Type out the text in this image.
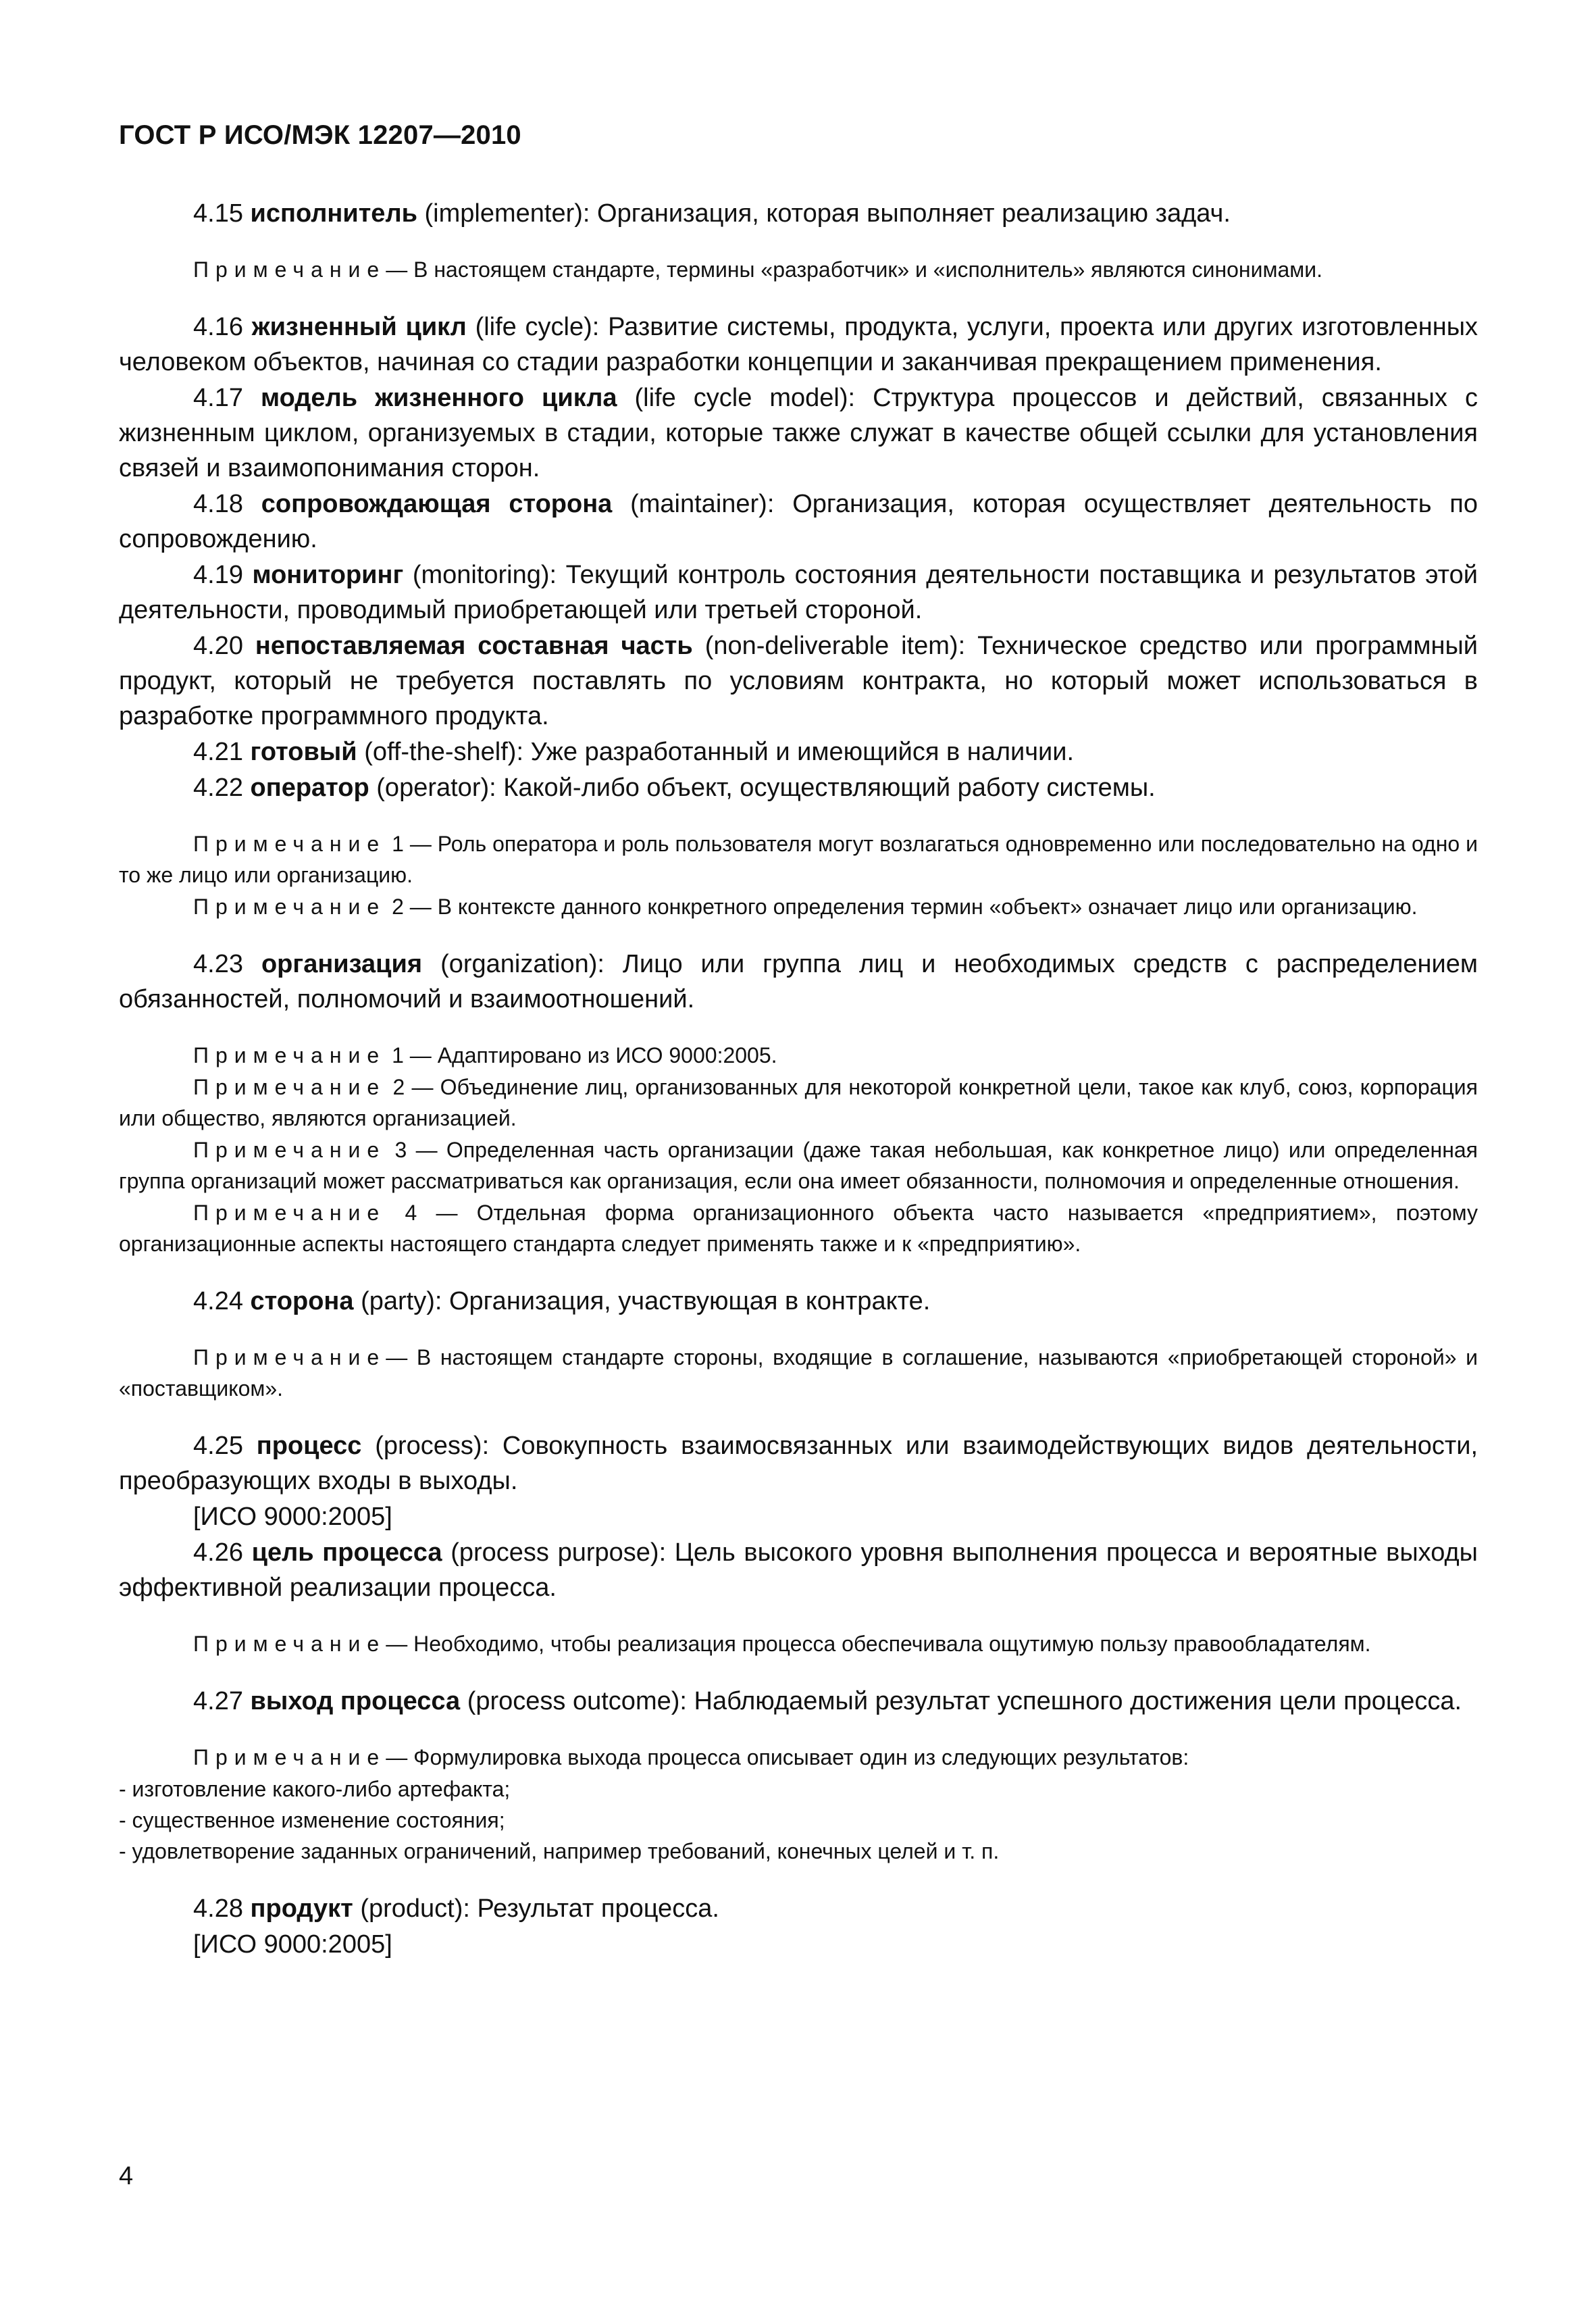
ГОСТ Р ИСО/МЭК 12207—2010

4.15 исполнитель (implementer): Организация, которая выполняет реализацию задач.

Примечание— В настоящем стандарте, термины «разработчик» и «исполнитель» являются синонимами.

4.16 жизненный цикл (life cycle): Развитие системы, продукта, услуги, проекта или других изготовленных человеком объектов, начиная со стадии разработки концепции и заканчивая прекращением применения.

4.17 модель жизненного цикла (life cycle model): Структура процессов и действий, связанных с жизненным циклом, организуемых в стадии, которые также служат в качестве общей ссылки для установления связей и взаимопонимания сторон.

4.18 сопровождающая сторона (maintainer): Организация, которая осуществляет деятельность по сопровождению.

4.19 мониторинг (monitoring): Текущий контроль состояния деятельности поставщика и результатов этой деятельности, проводимый приобретающей или третьей стороной.

4.20 непоставляемая составная часть (non-deliverable item): Техническое средство или программный продукт, который не требуется поставлять по условиям контракта, но который может использоваться в разработке программного продукта.

4.21 готовый (off-the-shelf): Уже разработанный и имеющийся в наличии.

4.22 оператор (operator): Какой-либо объект, осуществляющий работу системы.

Примечание 1 — Роль оператора и роль пользователя могут возлагаться одновременно или последовательно на одно и то же лицо или организацию.

Примечание 2 — В контексте данного конкретного определения термин «объект» означает лицо или организацию.

4.23 организация (organization): Лицо или группа лиц и необходимых средств с распределением обязанностей, полномочий и взаимоотношений.

Примечание 1 — Адаптировано из ИСО 9000:2005.

Примечание 2 — Объединение лиц, организованных для некоторой конкретной цели, такое как клуб, союз, корпорация или общество, являются организацией.

Примечание 3 — Определенная часть организации (даже такая небольшая, как конкретное лицо) или определенная группа организаций может рассматриваться как организация, если она имеет обязанности, полномочия и определенные отношения.

Примечание 4 — Отдельная форма организационного объекта часто называется «предприятием», поэтому организационные аспекты настоящего стандарта следует применять также и к «предприятию».

4.24 сторона (party): Организация, участвующая в контракте.

Примечание— В настоящем стандарте стороны, входящие в соглашение, называются «приобретающей стороной» и «поставщиком».

4.25 процесс (process): Совокупность взаимосвязанных или взаимодействующих видов деятельности, преобразующих входы в выходы.

[ИСО 9000:2005]

4.26 цель процесса (process purpose): Цель высокого уровня выполнения процесса и вероятные выходы эффективной реализации процесса.

Примечание— Необходимо, чтобы реализация процесса обеспечивала ощутимую пользу правообладателям.

4.27 выход процесса (process outcome): Наблюдаемый результат успешного достижения цели процесса.

Примечание— Формулировка выхода процесса описывает один из следующих результатов:

- изготовление какого-либо артефакта;

- существенное изменение состояния;

- удовлетворение заданных ограничений, например требований, конечных целей и т. п.

4.28 продукт (product): Результат процесса.

[ИСО 9000:2005]

4
